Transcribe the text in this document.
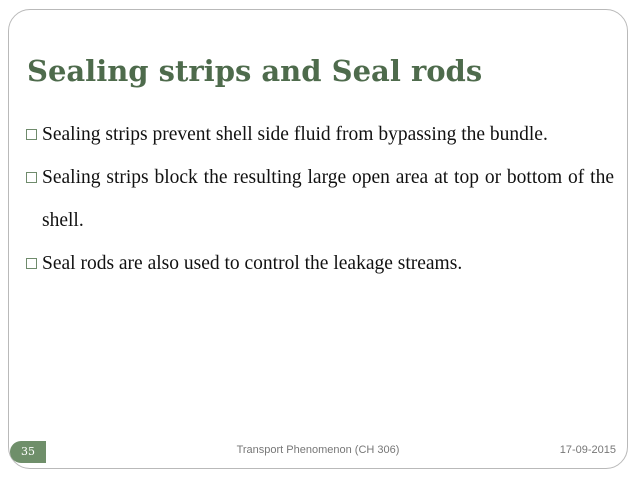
Sealing strips and Seal rods
Sealing strips prevent shell side fluid from bypassing the bundle.
Sealing strips block the resulting large open area at top or bottom of the shell.
Seal rods are also used to control the leakage streams.
35	Transport Phenomenon (CH 306)	17-09-2015
